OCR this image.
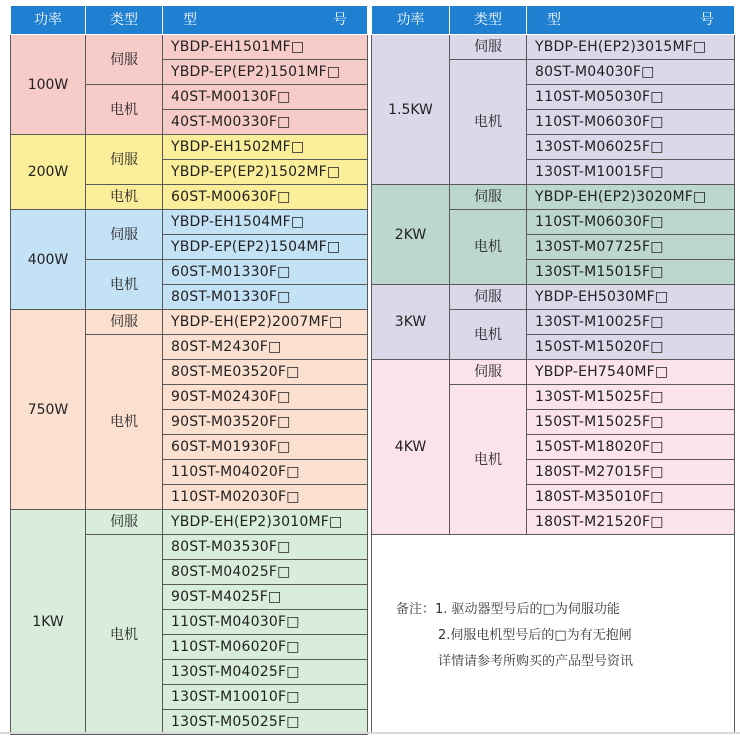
功率	类型	型 号

100W	伺服	YBDP-EH1501MF□
		YBDP-EP(EP2)1501MF□
	电机	40ST-M00130F□
		40ST-M00330F□
200W	伺服	YBDP-EH1502MF□
		YBDP-EP(EP2)1502MF□
	电机	60ST-M00630F□
400W	伺服	YBDP-EH1504MF□
		YBDP-EP(EP2)1504MF□
	电机	60ST-M01330F□
		80ST-M01330F□
750W	伺服	YBDP-EH(EP2)2007MF□
	电机	80ST-M2430F□
		80ST-ME03520F□
		90ST-M02430F□
		90ST-M03520F□
		60ST-M01930F□
		110ST-M04020F□
		110ST-M02030F□
1KW	伺服	YBDP-EH(EP2)3010MF□
	电机	80ST-M03530F□
		80ST-M04025F□
		90ST-M4025F□
		110ST-M04030F□
		110ST-M06020F□
		130ST-M04025F□
		130ST-M10010F□
		130ST-M05025F□
功率	类型	型 号

1.5KW	伺服	YBDP-EH(EP2)3015MF□
	电机	80ST-M04030F□
		110ST-M05030F□
		110ST-M06030F□
		130ST-M06025F□
		130ST-M10015F□
2KW	伺服	YBDP-EH(EP2)3020MF□
	电机	110ST-M06030F□
		130ST-M07725F□
		130ST-M15015F□
3KW	伺服	YBDP-EH5030MF□
	电机	130ST-M10025F□
		150ST-M15020F□
4KW	伺服	YBDP-EH7540MF□
	电机	130ST-M15025F□
		150ST-M15025F□
		150ST-M18020F□
		180ST-M27015F□
		180ST-M35010F□
		180ST-M21520F□

备注：1. 驱动器型号后的□为伺服功能
2.伺服电机型号后的□为有无抱闸
详情请参考所购买的产品型号资讯		
